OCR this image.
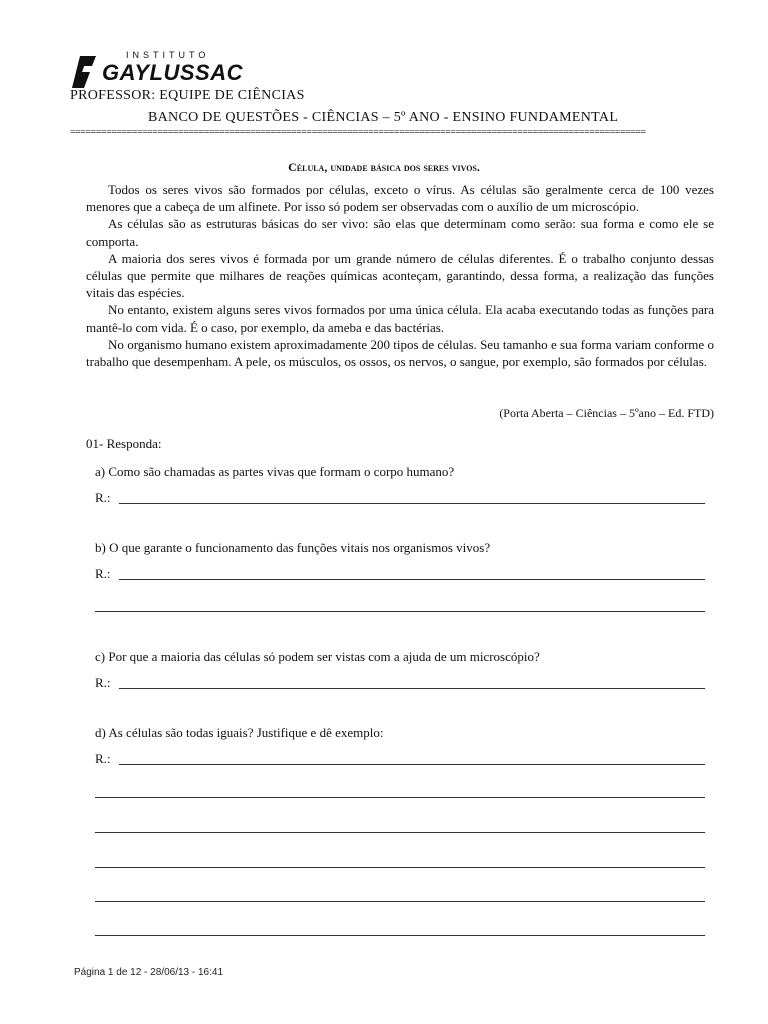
INSTITUTO
GAYLUSSAC
PROFESSOR: EQUIPE DE CIÊNCIAS
BANCO DE QUESTÕES - CIÊNCIAS – 5º ANO - ENSINO FUNDAMENTAL
================================================================================================================
Célula, unidade básica dos seres vivos.

Todos os seres vivos são formados por células, exceto o vírus. As células são geralmente cerca de 100 vezes menores que a cabeça de um alfinete. Por isso só podem ser observadas com o auxílio de um microscópio.

As células são as estruturas básicas do ser vivo: são elas que determinam como serão: sua forma e como ele se comporta.

A maioria dos seres vivos é formada por um grande número de células diferentes. É o trabalho conjunto dessas células que permite que milhares de reações químicas aconteçam, garantindo, dessa forma, a realização das funções vitais das espécies.

No entanto, existem alguns seres vivos formados por uma única célula. Ela acaba executando todas as funções para mantê-lo com vida. É o caso, por exemplo, da ameba e das bactérias.

No organismo humano existem aproximadamente 200 tipos de células. Seu tamanho e sua forma variam conforme o trabalho que desempenham. A pele, os músculos, os ossos, os nervos, o sangue, por exemplo, são formados por células.

(Porta Aberta – Ciências – 5ºano – Ed. FTD)
01- Responda:
a) Como são chamadas as partes vivas que formam o corpo humano?
R.:
b) O que garante o funcionamento das funções vitais nos organismos vivos?
R.:
c) Por que a maioria das células só podem ser vistas com a ajuda de um microscópio?
R.:
d) As células são todas iguais? Justifique e dê exemplo:
R.:
Página 1 de 12 - 28/06/13 - 16:41
